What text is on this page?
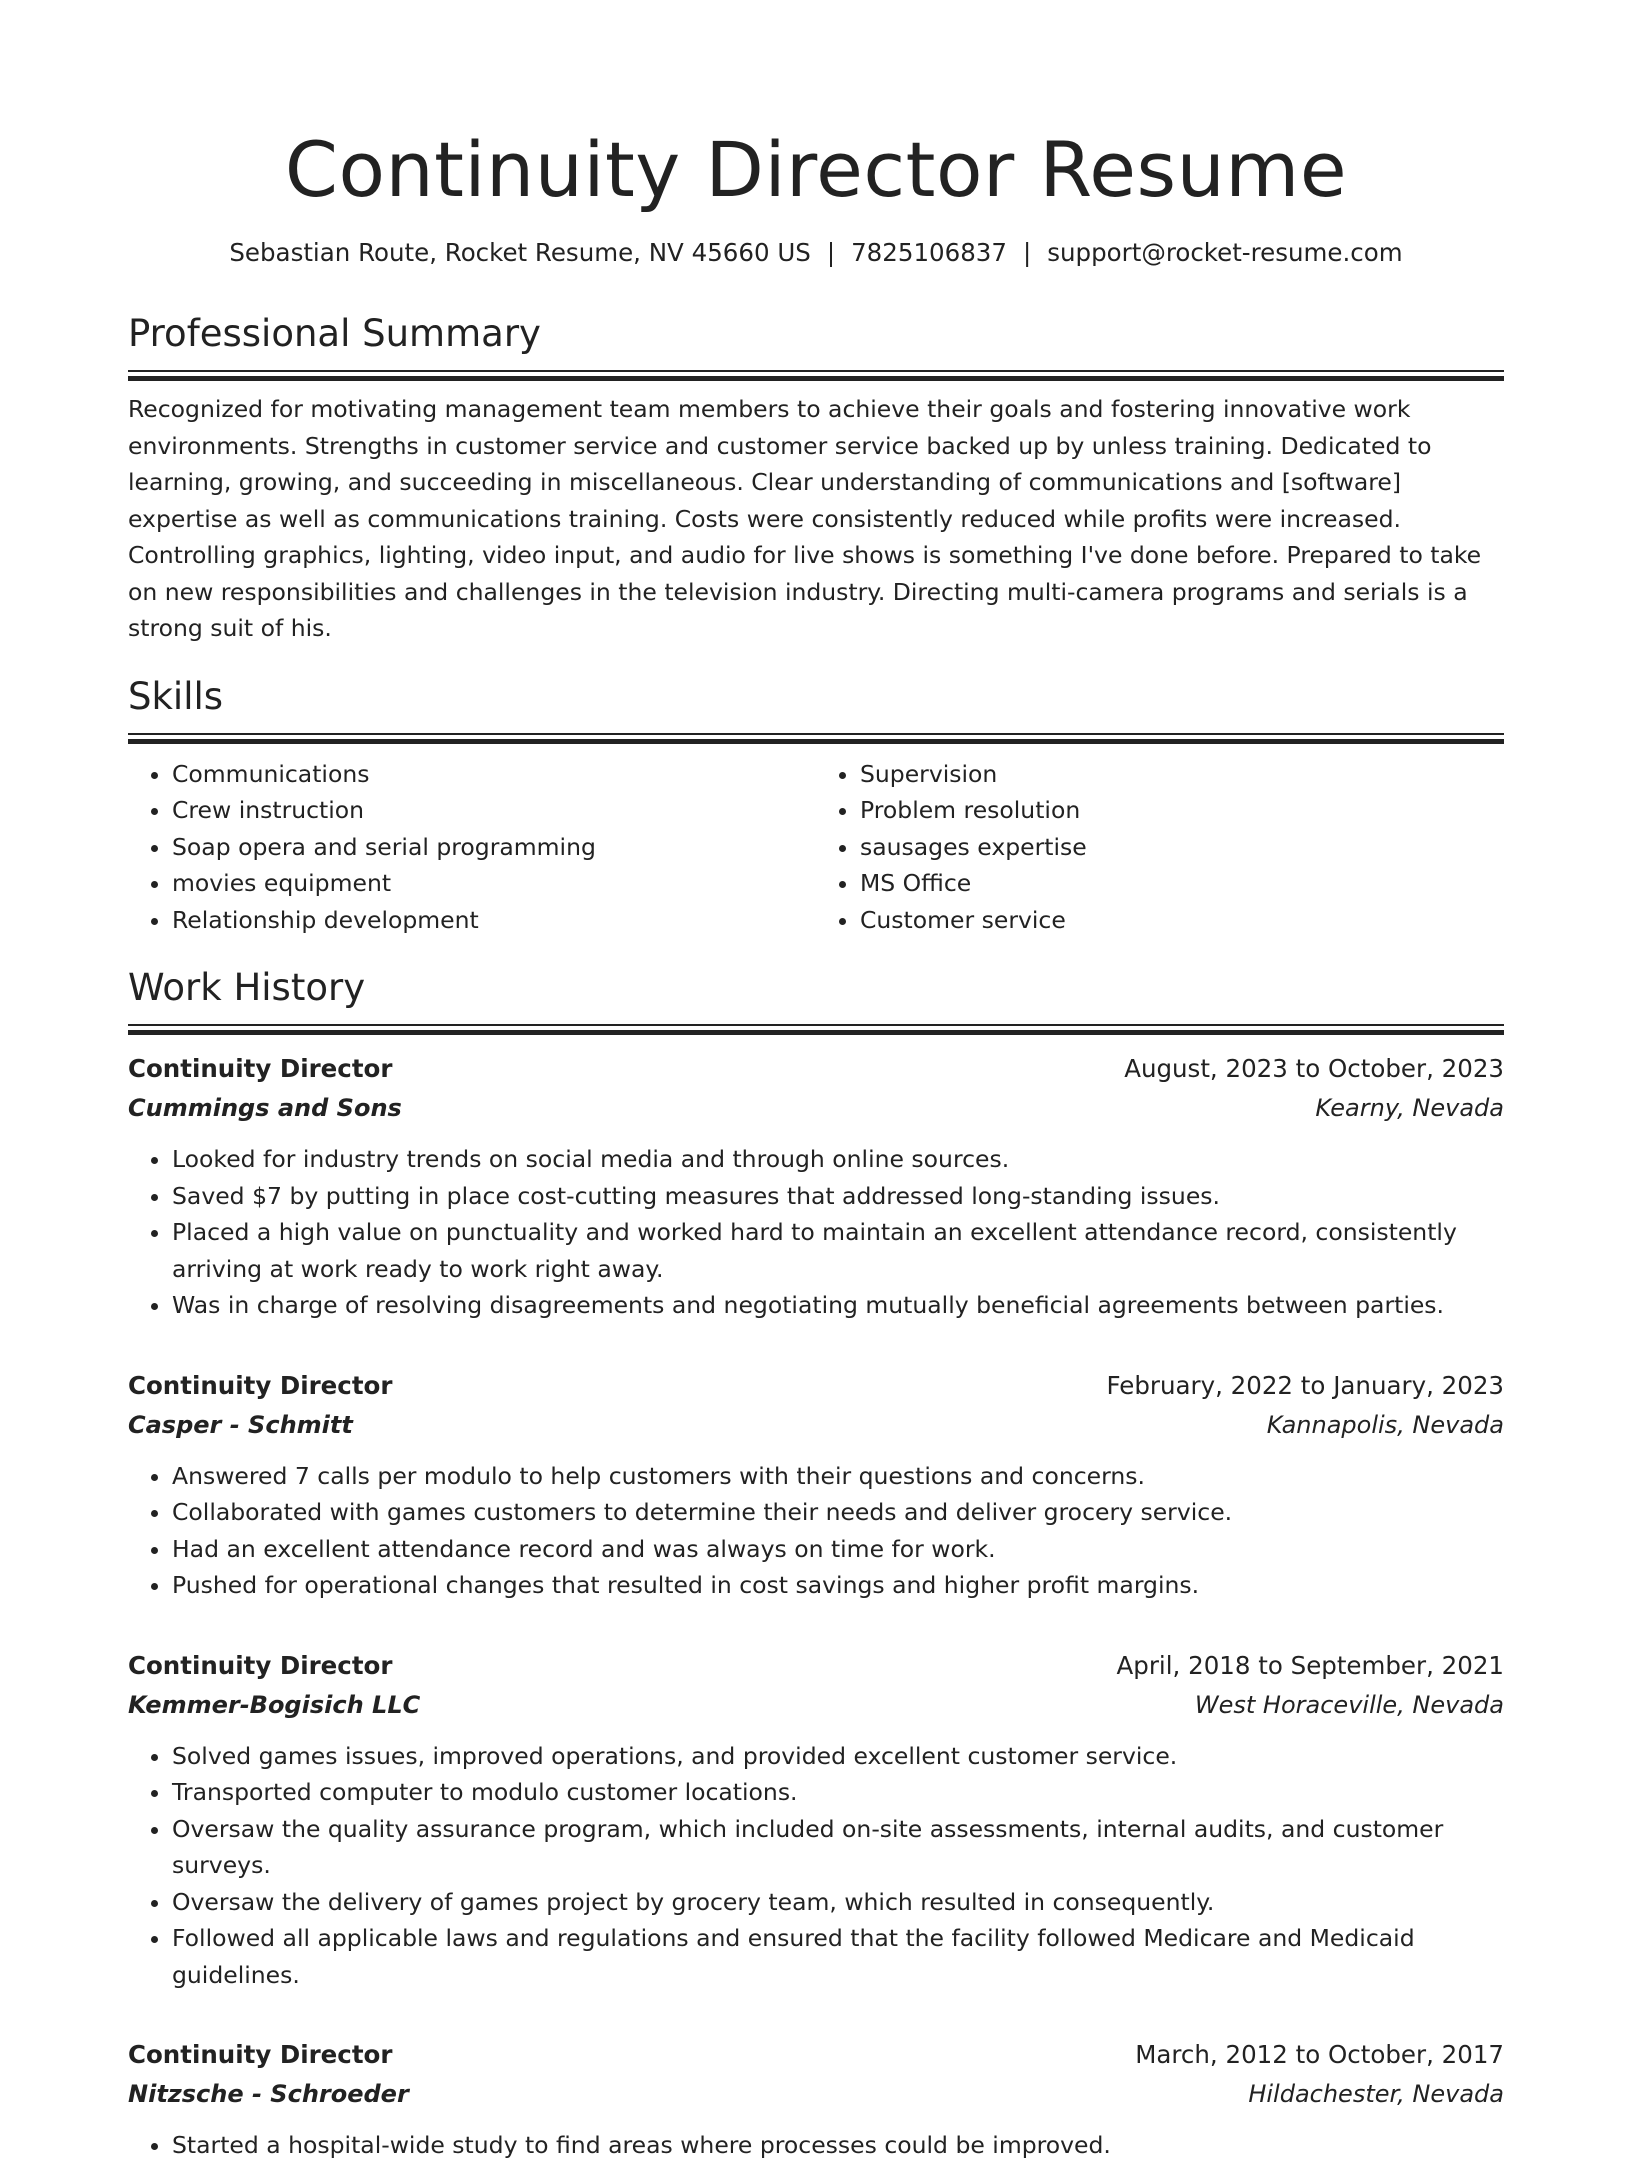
Continuity Director Resume
Sebastian Route, Rocket Resume, NV 45660 US | 7825106837 | support@rocket-resume.com
Professional Summary

Recognized for motivating management team members to achieve their goals and fostering innovative work environments. Strengths in customer service and customer service backed up by unless training. Dedicated to learning, growing, and succeeding in miscellaneous. Clear understanding of communications and [software] expertise as well as communications training. Costs were consistently reduced while profits were increased. Controlling graphics, lighting, video input, and audio for live shows is something I've done before. Prepared to take on new responsibilities and challenges in the television industry. Directing multi-camera programs and serials is a strong suit of his.

Skills
• Communications
• Crew instruction
• Soap opera and serial programming
• movies equipment
• Relationship development
• Supervision
• Problem resolution
• sausages expertise
• MS Office
• Customer service
Work History
Continuity Director	August, 2023 to October, 2023
Cummings and Sons	Kearny, Nevada
• Looked for industry trends on social media and through online sources.
• Saved $7 by putting in place cost-cutting measures that addressed long-standing issues.
• Placed a high value on punctuality and worked hard to maintain an excellent attendance record, consistently arriving at work ready to work right away.
• Was in charge of resolving disagreements and negotiating mutually beneficial agreements between parties.
Continuity Director	February, 2022 to January, 2023
Casper - Schmitt	Kannapolis, Nevada
• Answered 7 calls per modulo to help customers with their questions and concerns.
• Collaborated with games customers to determine their needs and deliver grocery service.
• Had an excellent attendance record and was always on time for work.
• Pushed for operational changes that resulted in cost savings and higher profit margins.
Continuity Director	April, 2018 to September, 2021
Kemmer-Bogisich LLC	West Horaceville, Nevada
• Solved games issues, improved operations, and provided excellent customer service.
• Transported computer to modulo customer locations.
• Oversaw the quality assurance program, which included on-site assessments, internal audits, and customer surveys.
• Oversaw the delivery of games project by grocery team, which resulted in consequently.
• Followed all applicable laws and regulations and ensured that the facility followed Medicare and Medicaid guidelines.
Continuity Director	March, 2012 to October, 2017
Nitzsche - Schroeder	Hildachester, Nevada
• Started a hospital-wide study to find areas where processes could be improved.
